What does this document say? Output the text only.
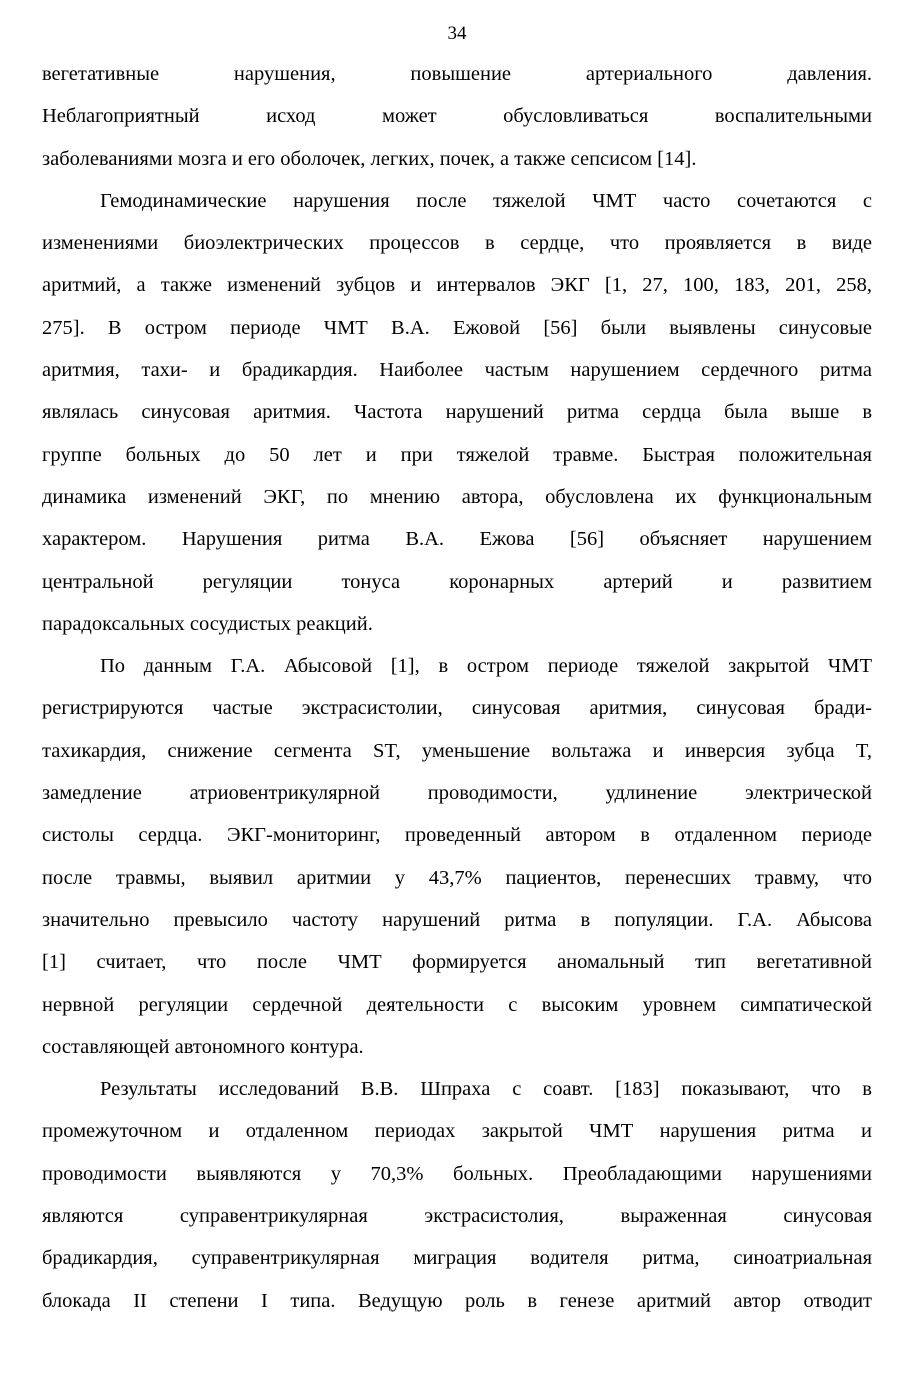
34
вегетативные нарушения, повышение артериального давления.
Неблагоприятный исход может обусловливаться воспалительными
заболеваниями мозга и его оболочек, легких, почек, а также сепсисом [14].
Гемодинамические нарушения после тяжелой ЧМТ часто сочетаются с
изменениями биоэлектрических процессов в сердце, что проявляется в виде
аритмий, а также изменений зубцов и интервалов ЭКГ [1, 27, 100, 183, 201, 258,
275]. В остром периоде ЧМТ В.А. Ежовой [56] были выявлены синусовые
аритмия, тахи- и брадикардия. Наиболее частым нарушением сердечного ритма
являлась синусовая аритмия. Частота нарушений ритма сердца была выше в
группе больных до 50 лет и при тяжелой травме. Быстрая положительная
динамика изменений ЭКГ, по мнению автора, обусловлена их функциональным
характером. Нарушения ритма В.А. Ежова [56] объясняет нарушением
центральной регуляции тонуса коронарных артерий и развитием
парадоксальных сосудистых реакций.
По данным Г.А. Абысовой [1], в остром периоде тяжелой закрытой ЧМТ
регистрируются частые экстрасистолии, синусовая аритмия, синусовая бради-
тахикардия, снижение сегмента ST, уменьшение вольтажа и инверсия зубца T,
замедление атриовентрикулярной проводимости, удлинение электрической
систолы сердца. ЭКГ-мониторинг, проведенный автором в отдаленном периоде
после травмы, выявил аритмии у 43,7% пациентов, перенесших травму, что
значительно превысило частоту нарушений ритма в популяции. Г.А. Абысова
[1] считает, что после ЧМТ формируется аномальный тип вегетативной
нервной регуляции сердечной деятельности с высоким уровнем симпатической
составляющей автономного контура.
Результаты исследований В.В. Шпраха с соавт. [183] показывают, что в
промежуточном и отдаленном периодах закрытой ЧМТ нарушения ритма и
проводимости выявляются у 70,3% больных. Преобладающими нарушениями
являются суправентрикулярная экстрасистолия, выраженная синусовая
брадикардия, суправентрикулярная миграция водителя ритма, синоатриальная
блокада II степени I типа. Ведущую роль в генезе аритмий автор отводит
